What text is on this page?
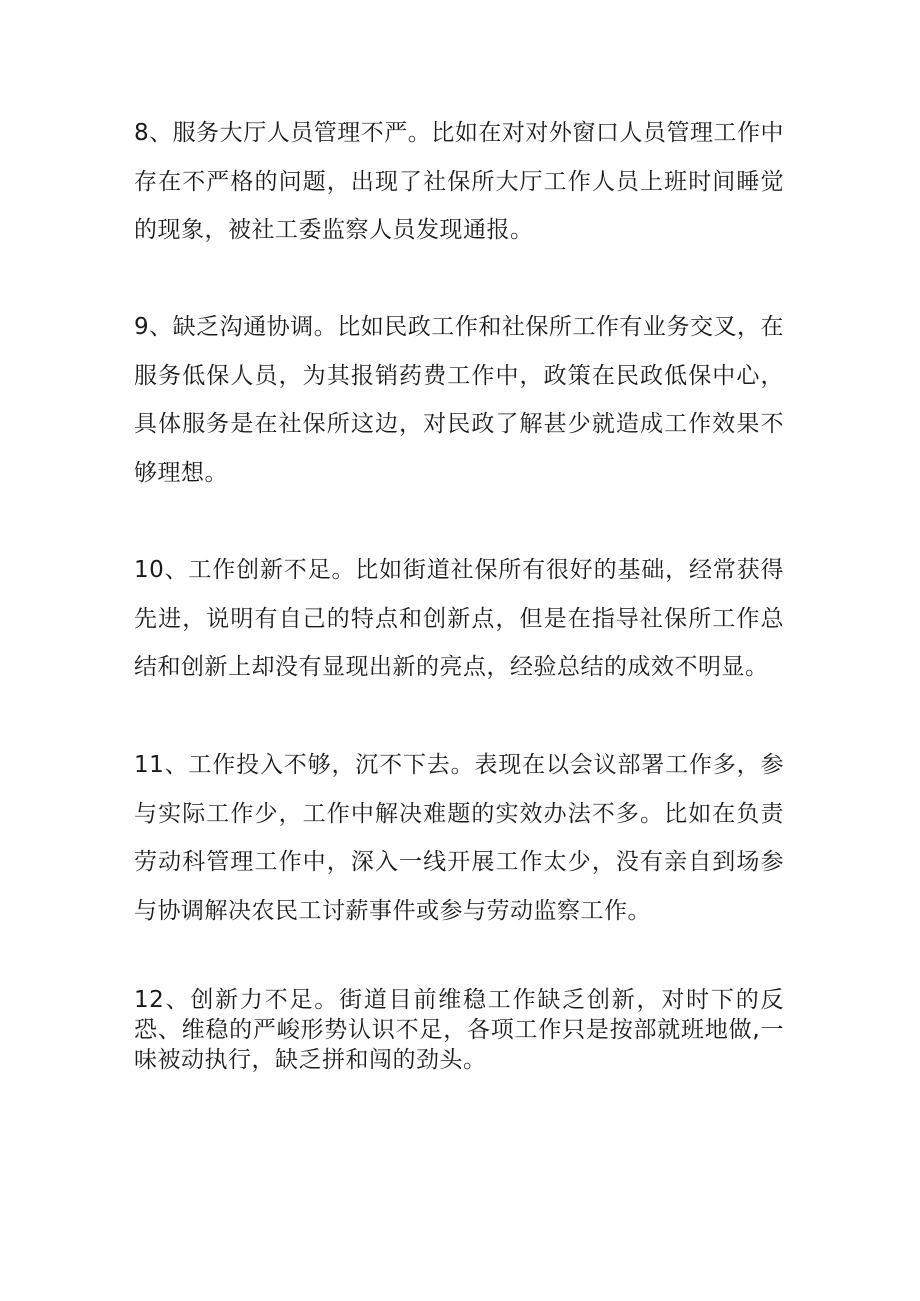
8、服务大厅人员管理不严。比如在对对外窗口人员管理工作中存在不严格的问题，出现了社保所大厅工作人员上班时间睡觉的现象，被社工委监察人员发现通报。

9、缺乏沟通协调。比如民政工作和社保所工作有业务交叉，在服务低保人员，为其报销药费工作中，政策在民政低保中心，具体服务是在社保所这边，对民政了解甚少就造成工作效果不够理想。

10、工作创新不足。比如街道社保所有很好的基础，经常获得先进，说明有自己的特点和创新点，但是在指导社保所工作总结和创新上却没有显现出新的亮点，经验总结的成效不明显。

11、工作投入不够，沉不下去。表现在以会议部署工作多，参与实际工作少，工作中解决难题的实效办法不多。比如在负责劳动科管理工作中，深入一线开展工作太少，没有亲自到场参与协调解决农民工讨薪事件或参与劳动监察工作。

12、创新力不足。街道目前维稳工作缺乏创新，对时下的反恐、维稳的严峻形势认识不足，各项工作只是按部就班地做,一味被动执行，缺乏拼和闯的劲头。
